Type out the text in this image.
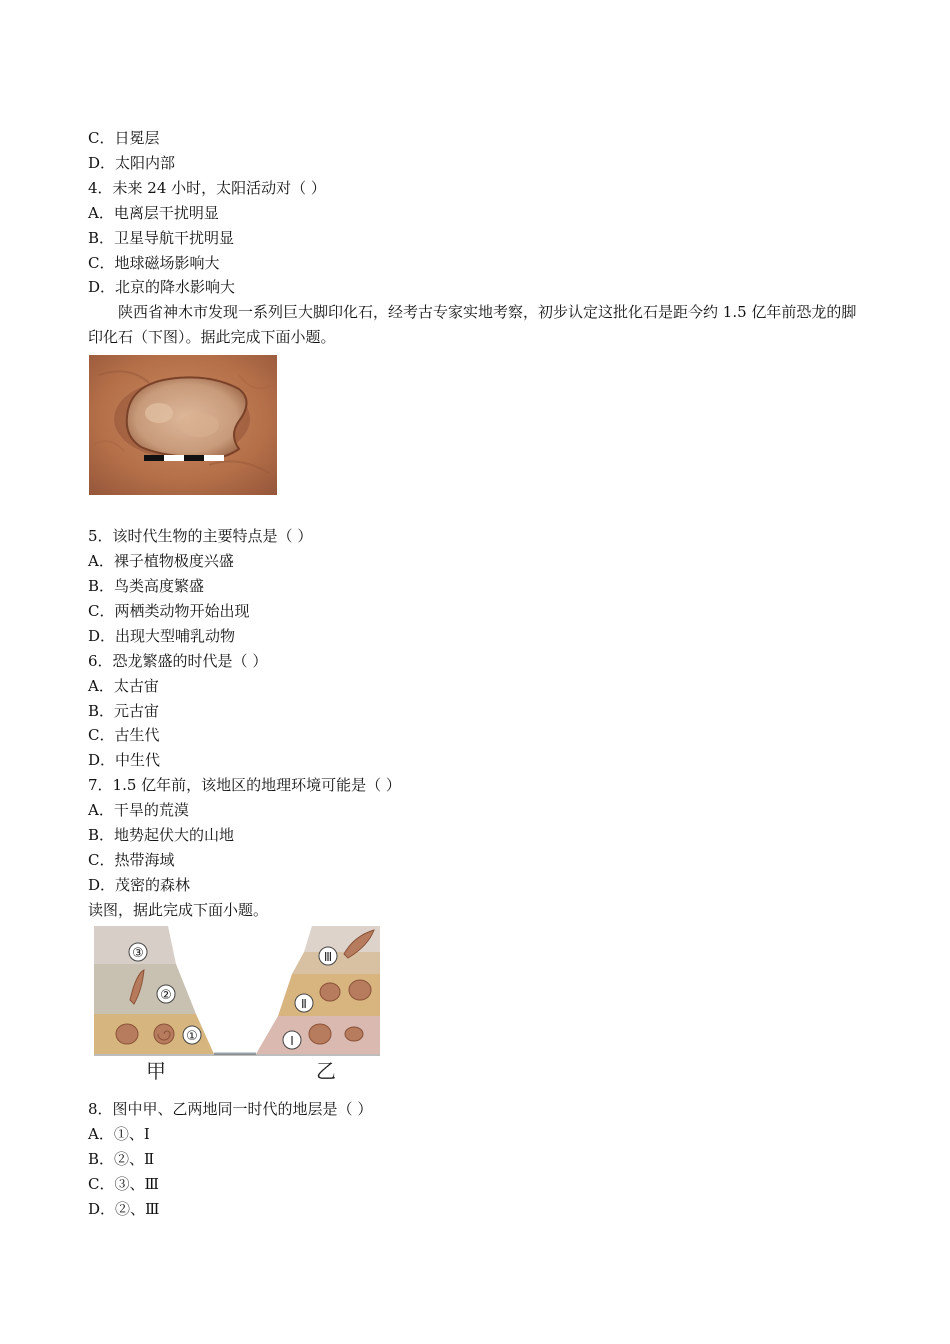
C．日冕层
D．太阳内部
4．未来 24 小时，太阳活动对（ ）
A．电离层干扰明显
B．卫星导航干扰明显
C．地球磁场影响大
D．北京的降水影响大
陕西省神木市发现一系列巨大脚印化石，经考古专家实地考察，初步认定这批化石是距今约 1.5 亿年前恐龙的脚印化石（下图）。据此完成下面小题。
5．该时代生物的主要特点是（ ）
A．裸子植物极度兴盛
B．鸟类高度繁盛
C．两栖类动物开始出现
D．出现大型哺乳动物
6．恐龙繁盛的时代是（ ）
A．太古宙
B．元古宙
C．古生代
D．中生代
7．1.5 亿年前，该地区的地理环境可能是（ ）
A．干旱的荒漠
B．地势起伏大的山地
C．热带海域
D．茂密的森林
读图，据此完成下面小题。
③
②
①
Ⅲ
Ⅱ
Ⅰ
甲	乙
8．图中甲、乙两地同一时代的地层是（ ）
A．①、Ⅰ
B．②、Ⅱ
C．③、Ⅲ
D．②、Ⅲ
